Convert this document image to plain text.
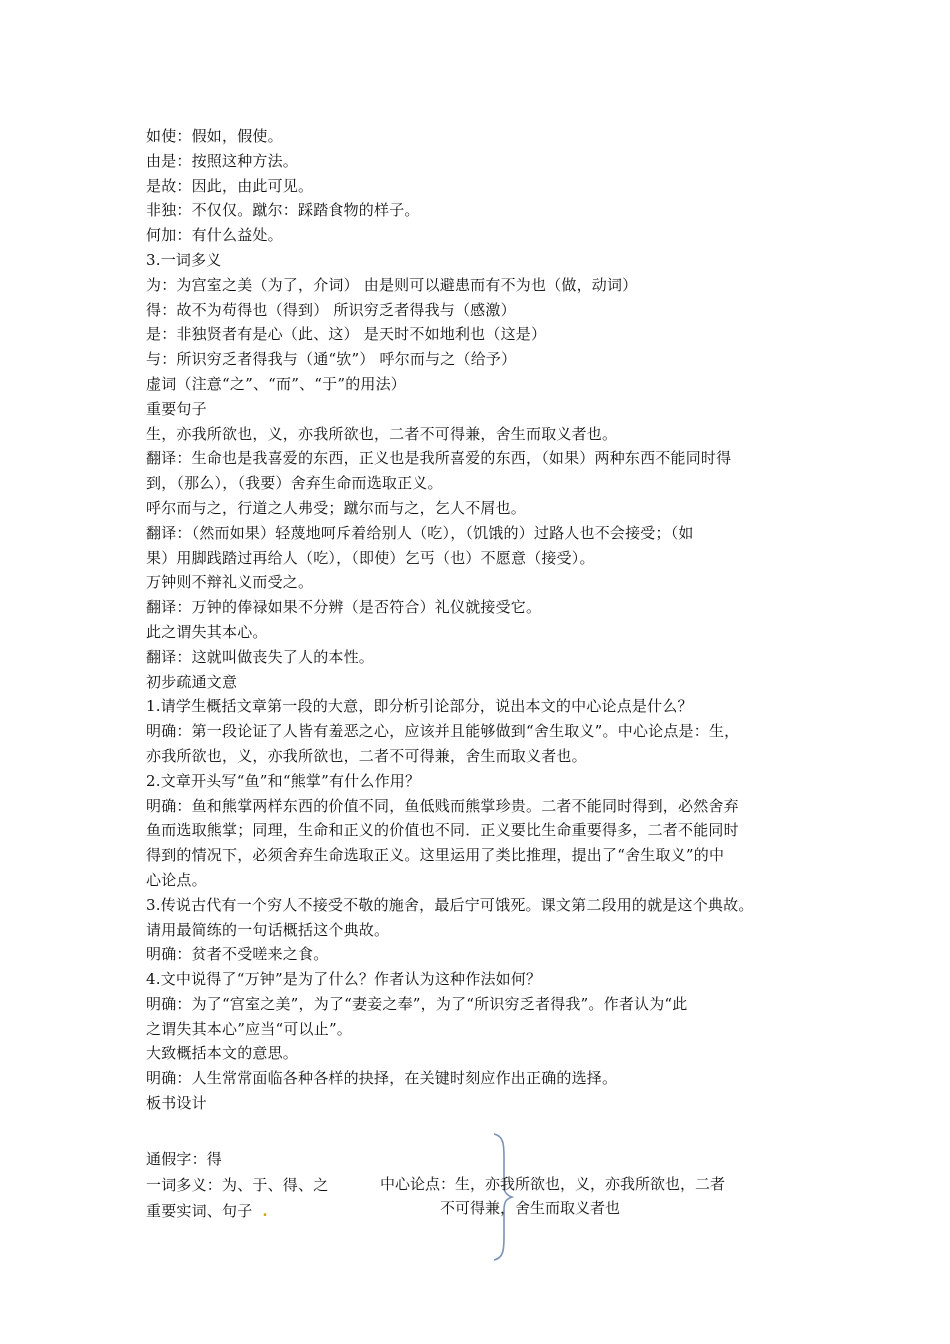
如使：假如，假使。
由是：按照这种方法。
是故：因此，由此可见。
非独：不仅仅。蹴尔：踩踏食物的样子。
何加：有什么益处。
3.一词多义
为：为宫室之美（为了，介词） 由是则可以避患而有不为也（做，动词）
得：故不为苟得也（得到） 所识穷乏者得我与（感激）
是：非独贤者有是心（此、这） 是天时不如地利也（这是）
与：所识穷乏者得我与（通“欤”） 呼尔而与之（给予）
虚词（注意“之”、“而”、“于”的用法）
重要句子
生，亦我所欲也，义，亦我所欲也，二者不可得兼，舍生而取义者也。
翻译：生命也是我喜爱的东西，正义也是我所喜爱的东西，（如果）两种东西不能同时得
到，（那么），（我要）舍弃生命而选取正义。
呼尔而与之，行道之人弗受；蹴尔而与之，乞人不屑也。
翻译：（然而如果）轻蔑地呵斥着给别人（吃），（饥饿的）过路人也不会接受；（如
果）用脚践踏过再给人（吃），（即使）乞丐（也）不愿意（接受）。
万钟则不辩礼义而受之。
翻译：万钟的俸禄如果不分辨（是否符合）礼仪就接受它。
此之谓失其本心。
翻译：这就叫做丧失了人的本性。
初步疏通文意
1.请学生概括文章第一段的大意，即分析引论部分，说出本文的中心论点是什么？
明确：第一段论证了人皆有羞恶之心，应该并且能够做到“舍生取义”。中心论点是：生，
亦我所欲也，义，亦我所欲也，二者不可得兼，舍生而取义者也。
2.文章开头写“鱼”和“熊掌”有什么作用？
明确：鱼和熊掌两样东西的价值不同，鱼低贱而熊掌珍贵。二者不能同时得到，必然舍弃
鱼而选取熊掌；同理，生命和正义的价值也不同．正义要比生命重要得多，二者不能同时
得到的情况下，必须舍弃生命选取正义。这里运用了类比推理，提出了“舍生取义”的中
心论点。
3.传说古代有一个穷人不接受不敬的施舍，最后宁可饿死。课文第二段用的就是这个典故。
请用最简练的一句话概括这个典故。
明确：贫者不受嗟来之食。
4.文中说得了“万钟”是为了什么？作者认为这种作法如何？
明确：为了“宫室之美”，为了“妻妾之奉”，为了“所识穷乏者得我”。作者认为“此
之谓失其本心”应当“可以止”。
大致概括本文的意思。
明确：人生常常面临各种各样的抉择，在关键时刻应作出正确的选择。
板书设计
通假字：得
一词多义：为、于、得、之
重要实词、句子 .
中心论点：生，亦我所欲也，义，亦我所欲也，二者
不可得兼，舍生而取义者也
